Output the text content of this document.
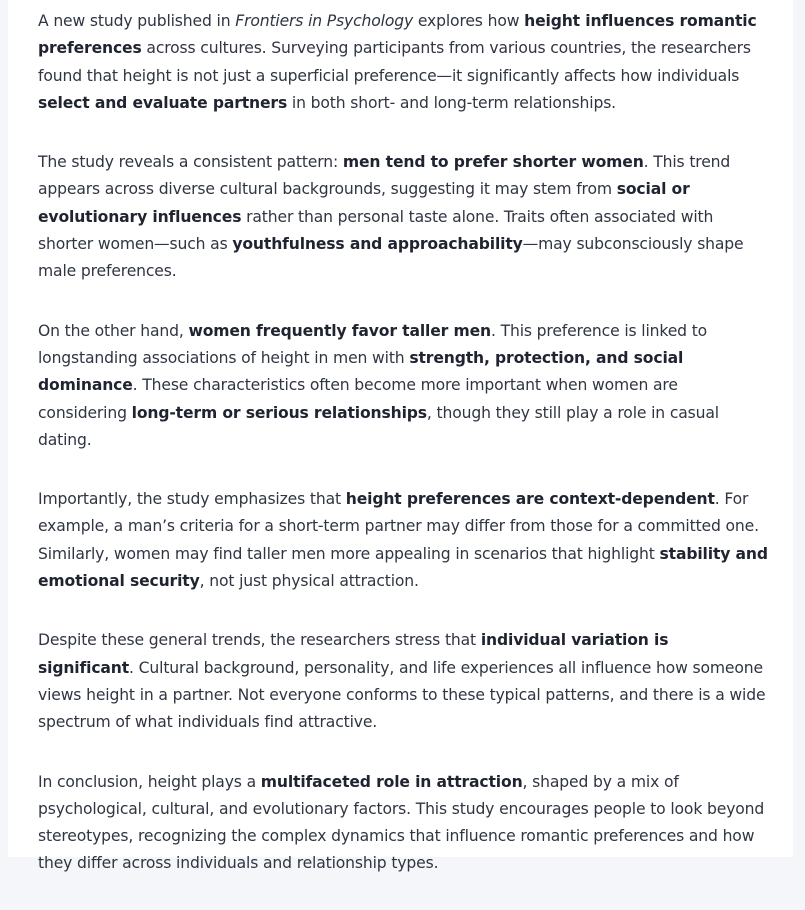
A new study published in Frontiers in Psychology explores how height influences romantic preferences across cultures. Surveying participants from various countries, the researchers found that height is not just a superficial preference—it significantly affects how individuals select and evaluate partners in both short- and long-term relationships.

The study reveals a consistent pattern: men tend to prefer shorter women. This trend appears across diverse cultural backgrounds, suggesting it may stem from social or evolutionary influences rather than personal taste alone. Traits often associated with shorter women—such as youthfulness and approachability—may subconsciously shape male preferences.

On the other hand, women frequently favor taller men. This preference is linked to longstanding associations of height in men with strength, protection, and social dominance. These characteristics often become more important when women are considering long-term or serious relationships, though they still play a role in casual dating.

Importantly, the study emphasizes that height preferences are context-dependent. For example, a man’s criteria for a short-term partner may differ from those for a committed one. Similarly, women may find taller men more appealing in scenarios that highlight stability and emotional security, not just physical attraction.

Despite these general trends, the researchers stress that individual variation is significant. Cultural background, personality, and life experiences all influence how someone views height in a partner. Not everyone conforms to these typical patterns, and there is a wide spectrum of what individuals find attractive.

In conclusion, height plays a multifaceted role in attraction, shaped by a mix of psychological, cultural, and evolutionary factors. This study encourages people to look beyond stereotypes, recognizing the complex dynamics that influence romantic preferences and how they differ across individuals and relationship types.
